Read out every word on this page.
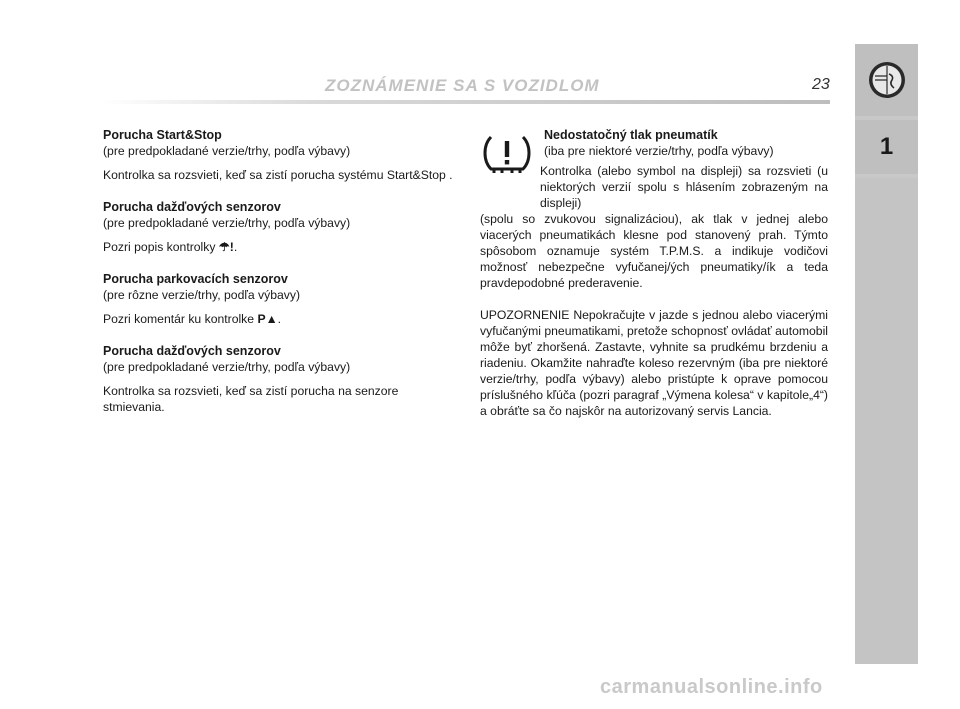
ZOZNÁMENIE SA S VOZIDLOM	23
1
Porucha Start&Stop
(pre predpokladané verzie/trhy, podľa výbavy)
Kontrolka sa rozsvieti, keď sa zistí porucha systému Start&Stop .
Porucha dažďových senzorov
(pre predpokladané verzie/trhy, podľa výbavy)
Pozri popis kontrolky ☂!.
Porucha parkovacích senzorov
(pre rôzne verzie/trhy, podľa výbavy)
Pozri komentár ku kontrolke P▲.
Porucha dažďových senzorov
(pre predpokladané verzie/trhy, podľa výbavy)
Kontrolka sa rozsvieti, keď sa zistí porucha na senzore stmievania.
Nedostatočný tlak pneumatík
(iba pre niektoré verzie/trhy, podľa výbavy)
Kontrolka (alebo symbol na displeji) sa rozsvieti (u niektorých verzií spolu s hlásením zobrazeným na displeji)
(spolu so zvukovou signalizáciou), ak tlak v jednej alebo viacerých pneumatikách klesne pod stanovený prah. Týmto spôsobom oznamuje systém T.P.M.S. a indikuje vodičovi možnosť nebezpečne vyfučanej/ých pneumatiky/ík a teda pravdepodobné prederavenie.
UPOZORNENIE Nepokračujte v jazde s jednou alebo viacerými vyfučanými pneumatikami, pretože schopnosť ovládať automobil môže byť zhoršená. Zastavte, vyhnite sa prudkému brzdeniu a riadeniu. Okamžite nahraďte koleso rezervným (iba pre niektoré verzie/trhy, podľa výbavy) alebo pristúpte k oprave pomocou príslušného kľúča (pozri paragraf „Výmena kolesa“ v kapitole„4“) a obráťte sa čo najskôr na autorizovaný servis Lancia.
carmanualsonline.info
